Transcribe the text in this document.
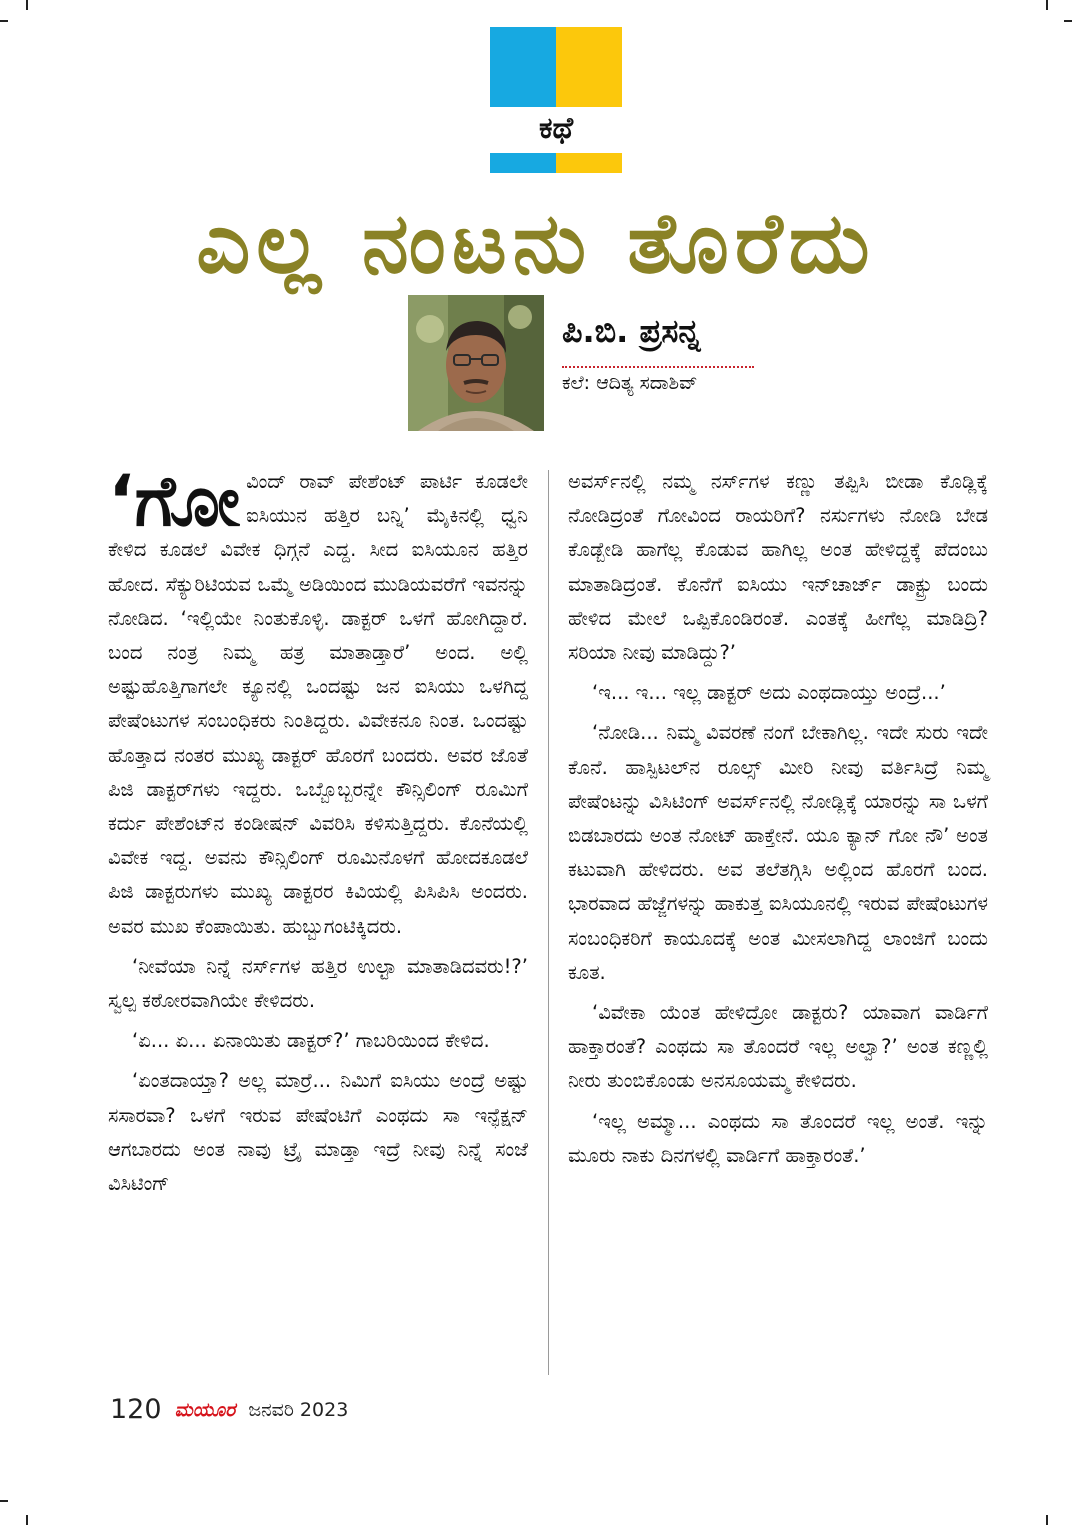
ಕಥೆ
ಎಲ್ಲ ನಂಟನು ತೊರೆದು
ಪಿ.ಬಿ. ಪ್ರಸನ್ನ
ಕಲೆ: ಆದಿತ್ಯ ಸದಾಶಿವ್

‘ಗೋವಿಂದ್ ರಾವ್ ಪೇಶೆಂಟ್ ಪಾರ್ಟಿ ಕೂಡಲೇ ಐಸಿಯುನ ಹತ್ತಿರ ಬನ್ನಿ’ ಮೈಕಿನಲ್ಲಿ ಧ್ವನಿ ಕೇಳಿದ ಕೂಡಲೆ ವಿವೇಕ ಧಿಗ್ಗನೆ ಎದ್ದ. ಸೀದ ಐಸಿಯೂನ ಹತ್ತಿರ ಹೋದ. ಸೆಕ್ಯುರಿಟಿಯವ ಒಮ್ಮೆ ಅಡಿಯಿಂದ ಮುಡಿಯವರೆಗೆ ಇವನನ್ನು ನೋಡಿದ. ‘ಇಲ್ಲಿಯೇ ನಿಂತುಕೊಳ್ಳಿ. ಡಾಕ್ಟರ್ ಒಳಗೆ ಹೋಗಿದ್ದಾರೆ. ಬಂದ ನಂತ್ರ ನಿಮ್ಮ ಹತ್ರ ಮಾತಾಡ್ತಾರೆ’ ಅಂದ. ಅಲ್ಲಿ ಅಷ್ಟುಹೊತ್ತಿಗಾಗಲೇ ಕ್ಯೂನಲ್ಲಿ ಒಂದಷ್ಟು ಜನ ಐಸಿಯು ಒಳಗಿದ್ದ ಪೇಷೆಂಟುಗಳ ಸಂಬಂಧಿಕರು ನಿಂತಿದ್ದರು. ವಿವೇಕನೂ ನಿಂತ. ಒಂದಷ್ಟು ಹೊತ್ತಾದ ನಂತರ ಮುಖ್ಯ ಡಾಕ್ಟರ್ ಹೊರಗೆ ಬಂದರು. ಅವರ ಜೊತೆ ಪಿಜಿ ಡಾಕ್ಟರ್‌ಗಳು ಇದ್ದರು. ಒಬ್ಬೊಬ್ಬರನ್ನೇ ಕೌನ್ಸಿಲಿಂಗ್ ರೂಮಿಗೆ ಕರ್ದು ಪೇಶೆಂಟ್‌ನ ಕಂಡೀಷನ್ ವಿವರಿಸಿ ಕಳಿಸುತ್ತಿದ್ದರು. ಕೊನೆಯಲ್ಲಿ ವಿವೇಕ ಇದ್ದ. ಅವನು ಕೌನ್ಸಿಲಿಂಗ್ ರೂಮಿನೊಳಗೆ ಹೋದಕೂಡಲೆ ಪಿಜಿ ಡಾಕ್ಟರುಗಳು ಮುಖ್ಯ ಡಾಕ್ಟರರ ಕಿವಿಯಲ್ಲಿ ಪಿಸಿಪಿಸಿ ಅಂದರು. ಅವರ ಮುಖ ಕೆಂಪಾಯಿತು. ಹುಬ್ಬುಗಂಟಿಕ್ಕಿದರು.

‘ನೀವೆಯಾ ನಿನ್ನೆ ನರ್ಸ್‌ಗಳ ಹತ್ತಿರ ಉಲ್ಟಾ ಮಾತಾಡಿದವರು!?’ ಸ್ವಲ್ಪ ಕಠೋರವಾಗಿಯೇ ಕೇಳಿದರು.

‘ಏ... ಏ... ಏನಾಯಿತು ಡಾಕ್ಟರ್?’ ಗಾಬರಿಯಿಂದ ಕೇಳಿದ.

‘ಏಂತದಾಯ್ತಾ? ಅಲ್ಲ ಮಾರ್‍ರೆ... ನಿಮಿಗೆ ಐಸಿಯು ಅಂದ್ರೆ ಅಷ್ಟು ಸಸಾರವಾ? ಒಳಗೆ ಇರುವ ಪೇಷೆಂಟಿಗೆ ಎಂಥದು ಸಾ ಇನ್ಫೆಕ್ಷನ್ ಆಗಬಾರದು ಅಂತ ನಾವು ಟ್ರೈ ಮಾಡ್ತಾ ಇದ್ರೆ ನೀವು ನಿನ್ನೆ ಸಂಜೆ ವಿಸಿಟಿಂಗ್

ಅವರ್ಸ್‌ನಲ್ಲಿ ನಮ್ಮ ನರ್ಸ್‌ಗಳ ಕಣ್ಣು ತಪ್ಪಿಸಿ ಬೀಡಾ ಕೊಡ್ಲಿಕ್ಕೆ ನೋಡಿದ್ರಂತೆ ಗೋವಿಂದ ರಾಯರಿಗೆ? ನರ್ಸುಗಳು ನೋಡಿ ಬೇಡ ಕೊಡ್ಬೇಡಿ ಹಾಗೆಲ್ಲ ಕೊಡುವ ಹಾಗಿಲ್ಲ ಅಂತ ಹೇಳಿದ್ದಕ್ಕೆ ಪೆದಂಬು ಮಾತಾಡಿದ್ರಂತೆ. ಕೊನೆಗೆ ಐಸಿಯು ಇನ್‌ಚಾರ್ಜ್ ಡಾಕ್ಟ್ರು ಬಂದು ಹೇಳಿದ ಮೇಲೆ ಒಪ್ಪಿಕೊಂಡಿರಂತೆ. ಎಂತಕ್ಕೆ ಹೀಗೆಲ್ಲ ಮಾಡಿದ್ರಿ? ಸರಿಯಾ ನೀವು ಮಾಡಿದ್ದು?’

‘ಇ... ಇ... ಇಲ್ಲ ಡಾಕ್ಟರ್ ಅದು ಎಂಥದಾಯ್ತು ಅಂದ್ರೆ...’

‘ನೋಡಿ... ನಿಮ್ಮ ವಿವರಣೆ ನಂಗೆ ಬೇಕಾಗಿಲ್ಲ. ಇದೇ ಸುರು ಇದೇ ಕೊನೆ. ಹಾಸ್ಪಿಟಲ್‌ನ ರೂಲ್ಸ್ ಮೀರಿ ನೀವು ವರ್ತಿಸಿದ್ರೆ ನಿಮ್ಮ ಪೇಷೆಂಟನ್ನು ವಿಸಿಟಿಂಗ್ ಅವರ್ಸ್‌ನಲ್ಲಿ ನೋಡ್ಲಿಕ್ಕೆ ಯಾರನ್ನು ಸಾ ಒಳಗೆ ಬಿಡಬಾರದು ಅಂತ ನೋಟ್ ಹಾಕ್ತೇನೆ. ಯೂ ಕ್ಯಾನ್ ಗೋ ನೌ’ ಅಂತ ಕಟುವಾಗಿ ಹೇಳಿದರು. ಅವ ತಲೆತಗ್ಗಿಸಿ ಅಲ್ಲಿಂದ ಹೊರಗೆ ಬಂದ. ಭಾರವಾದ ಹೆಜ್ಜೆಗಳನ್ನು ಹಾಕುತ್ತ ಐಸಿಯೂನಲ್ಲಿ ಇರುವ ಪೇಷೆಂಟುಗಳ ಸಂಬಂಧಿಕರಿಗೆ ಕಾಯೂದಕ್ಕೆ ಅಂತ ಮೀಸಲಾಗಿದ್ದ ಲಾಂಜಿಗೆ ಬಂದು ಕೂತ.

‘ವಿವೇಕಾ ಯೆಂತ ಹೇಳಿದ್ರೋ ಡಾಕ್ಟರು? ಯಾವಾಗ ವಾರ್ಡಿಗೆ ಹಾಕ್ತಾರಂತೆ? ಎಂಥದು ಸಾ ತೊಂದರೆ ಇಲ್ಲ ಅಲ್ವಾ?’ ಅಂತ ಕಣ್ಣಲ್ಲಿ ನೀರು ತುಂಬಿಕೊಂಡು ಅನಸೂಯಮ್ಮ ಕೇಳಿದರು.

‘ಇಲ್ಲ ಅಮ್ಮಾ... ಎಂಥದು ಸಾ ತೊಂದರೆ ಇಲ್ಲ ಅಂತೆ. ಇನ್ನು ಮೂರು ನಾಕು ದಿನಗಳಲ್ಲಿ ವಾರ್ಡಿಗೆ ಹಾಕ್ತಾರಂತೆ.’

120 ಮಯೂರ ಜನವರಿ 2023
